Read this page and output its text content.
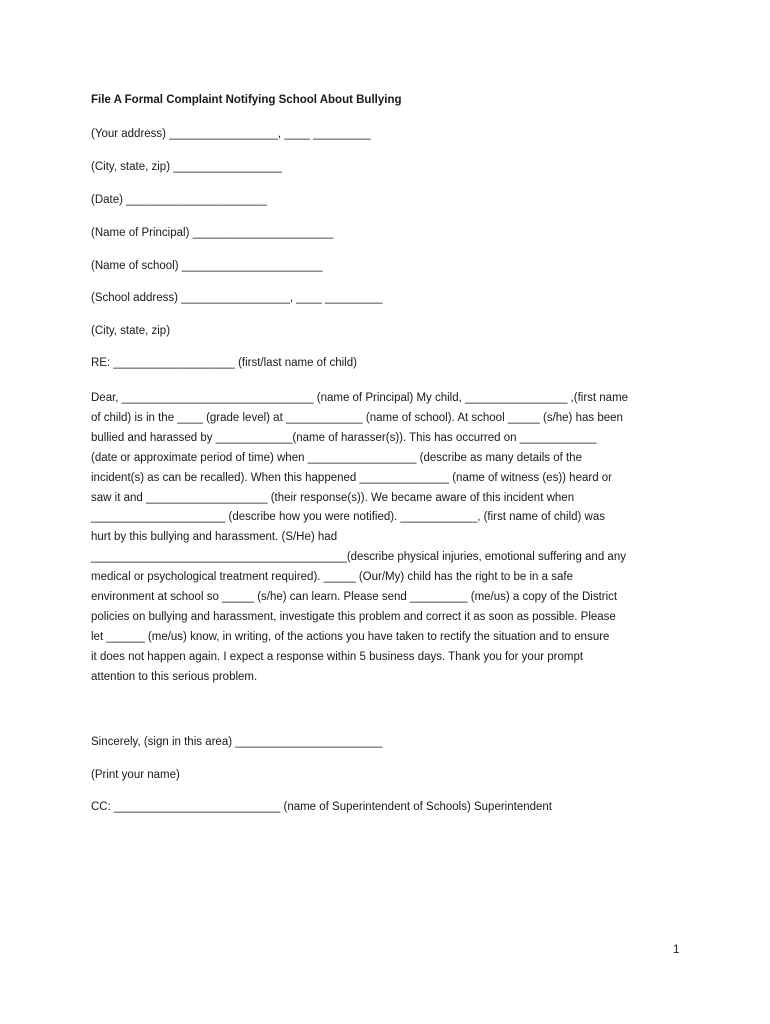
File A Formal Complaint Notifying School About Bullying
(Your address) _________________, ____ _________
(City, state, zip) _________________
(Date) ______________________
(Name of Principal) ______________________
(Name of school) ______________________
(School address) _________________, ____ _________
(City, state, zip)
RE: ___________________ (first/last name of child)
Dear, ______________________________ (name of Principal) My child, ________________ ,(first name
of child) is in the ____ (grade level) at ____________ (name of school). At school _____ (s/he) has been
bullied and harassed by ____________(name of harasser(s)). This has occurred on ____________
(date or approximate period of time) when _________________ (describe as many details of the
incident(s) as can be recalled). When this happened ______________ (name of witness (es)) heard or
saw it and ___________________ (their response(s)). We became aware of this incident when
_____________________ (describe how you were notified). ____________, (first name of child) was
hurt by this bullying and harassment. (S/He) had
________________________________________(describe physical injuries, emotional suffering and any
medical or psychological treatment required). _____ (Our/My) child has the right to be in a safe
environment at school so _____ (s/he) can learn. Please send _________ (me/us) a copy of the District
policies on bullying and harassment, investigate this problem and correct it as soon as possible. Please
let ______ (me/us) know, in writing, of the actions you have taken to rectify the situation and to ensure
it does not happen again. I expect a response within 5 business days. Thank you for your prompt
attention to this serious problem.
Sincerely, (sign in this area) _______________________
(Print your name)
CC: __________________________ (name of Superintendent of Schools) Superintendent
1
